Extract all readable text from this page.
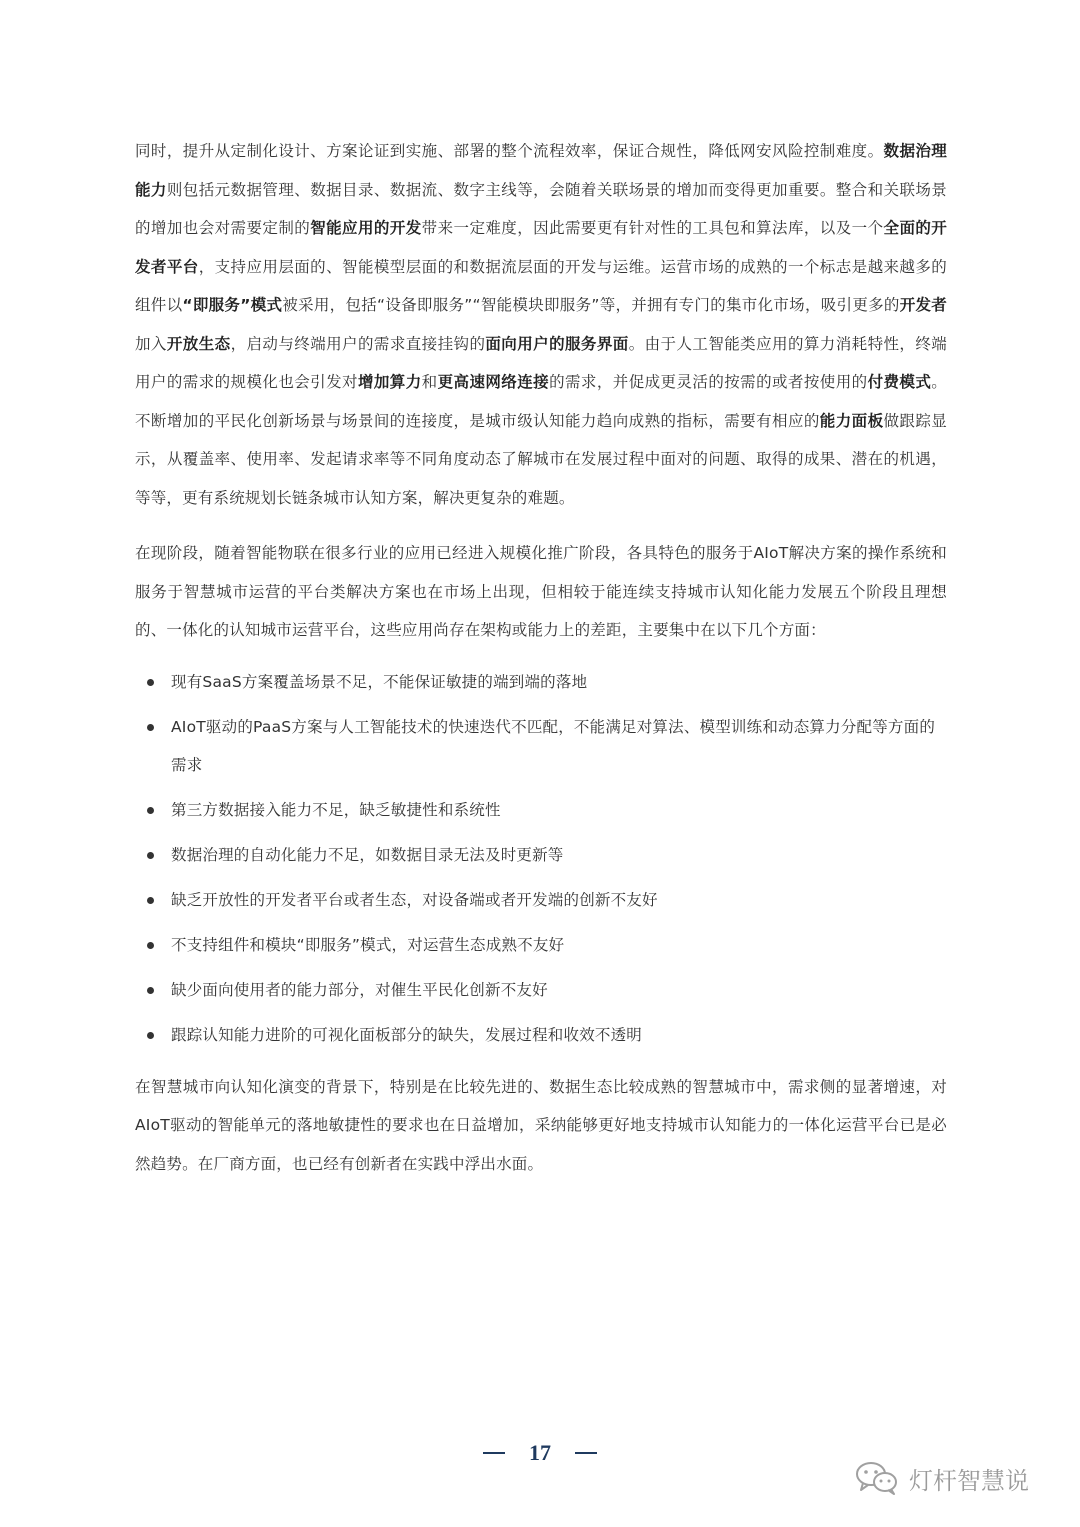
同时，提升从定制化设计、方案论证到实施、部署的整个流程效率，保证合规性，降低网安风险控制难度。数据治理能力则包括元数据管理、数据目录、数据流、数字主线等，会随着关联场景的增加而变得更加重要。整合和关联场景的增加也会对需要定制的智能应用的开发带来一定难度，因此需要更有针对性的工具包和算法库，以及一个全面的开发者平台，支持应用层面的、智能模型层面的和数据流层面的开发与运维。运营市场的成熟的一个标志是越来越多的组件以“即服务”模式被采用，包括“设备即服务”“智能模块即服务”等，并拥有专门的集市化市场，吸引更多的开发者加入开放生态，启动与终端用户的需求直接挂钩的面向用户的服务界面。由于人工智能类应用的算力消耗特性，终端用户的需求的规模化也会引发对增加算力和更高速网络连接的需求，并促成更灵活的按需的或者按使用的付费模式。不断增加的平民化创新场景与场景间的连接度，是城市级认知能力趋向成熟的指标，需要有相应的能力面板做跟踪显示，从覆盖率、使用率、发起请求率等不同角度动态了解城市在发展过程中面对的问题、取得的成果、潜在的机遇，等等，更有系统规划长链条城市认知方案，解决更复杂的难题。

在现阶段，随着智能物联在很多行业的应用已经进入规模化推广阶段，各具特色的服务于AIoT解决方案的操作系统和服务于智慧城市运营的平台类解决方案也在市场上出现，但相较于能连续支持城市认知化能力发展五个阶段且理想的、一体化的认知城市运营平台，这些应用尚存在架构或能力上的差距，主要集中在以下几个方面：

现有SaaS方案覆盖场景不足，不能保证敏捷的端到端的落地
AIoT驱动的PaaS方案与人工智能技术的快速迭代不匹配，不能满足对算法、模型训练和动态算力分配等方面的需求
第三方数据接入能力不足，缺乏敏捷性和系统性
数据治理的自动化能力不足，如数据目录无法及时更新等
缺乏开放性的开发者平台或者生态，对设备端或者开发端的创新不友好
不支持组件和模块“即服务”模式，对运营生态成熟不友好
缺少面向使用者的能力部分，对催生平民化创新不友好
跟踪认知能力进阶的可视化面板部分的缺失，发展过程和收效不透明

在智慧城市向认知化演变的背景下，特别是在比较先进的、数据生态比较成熟的智慧城市中，需求侧的显著增速，对AIoT驱动的智能单元的落地敏捷性的要求也在日益增加，采纳能够更好地支持城市认知能力的一体化运营平台已是必然趋势。在厂商方面，也已经有创新者在实践中浮出水面。

17
灯杆智慧说
